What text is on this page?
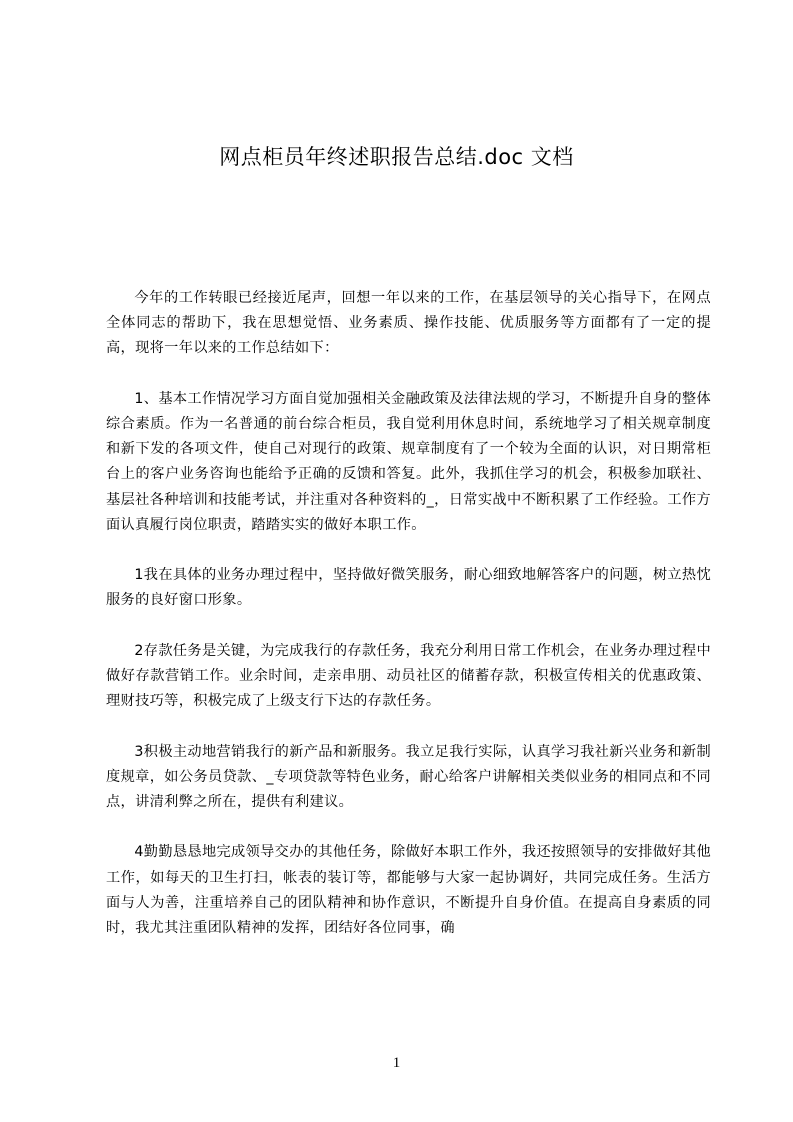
网点柜员年终述职报告总结.doc 文档

今年的工作转眼已经接近尾声，回想一年以来的工作，在基层领导的关心指导下，在网点全体同志的帮助下，我在思想觉悟、业务素质、操作技能、优质服务等方面都有了一定的提高，现将一年以来的工作总结如下：

1、基本工作情况学习方面自觉加强相关金融政策及法律法规的学习，不断提升自身的整体综合素质。作为一名普通的前台综合柜员，我自觉利用休息时间，系统地学习了相关规章制度和新下发的各项文件，使自己对现行的政策、规章制度有了一个较为全面的认识，对日期常柜台上的客户业务咨询也能给予正确的反馈和答复。此外，我抓住学习的机会，积极参加联社、基层社各种培训和技能考试，并注重对各种资料的_，日常实战中不断积累了工作经验。工作方面认真履行岗位职责，踏踏实实的做好本职工作。

1我在具体的业务办理过程中，坚持做好微笑服务，耐心细致地解答客户的问题，树立热忱服务的良好窗口形象。

2存款任务是关键，为完成我行的存款任务，我充分利用日常工作机会，在业务办理过程中做好存款营销工作。业余时间，走亲串朋、动员社区的储蓄存款，积极宣传相关的优惠政策、理财技巧等，积极完成了上级支行下达的存款任务。

3积极主动地营销我行的新产品和新服务。我立足我行实际，认真学习我社新兴业务和新制度规章，如公务员贷款、_专项贷款等特色业务，耐心给客户讲解相关类似业务的相同点和不同点，讲清利弊之所在，提供有利建议。

4勤勤恳恳地完成领导交办的其他任务，除做好本职工作外，我还按照领导的安排做好其他工作，如每天的卫生打扫，帐表的装订等，都能够与大家一起协调好，共同完成任务。生活方面与人为善，注重培养自己的团队精神和协作意识，不断提升自身价值。在提高自身素质的同时，我尤其注重团队精神的发挥，团结好各位同事，确

1
